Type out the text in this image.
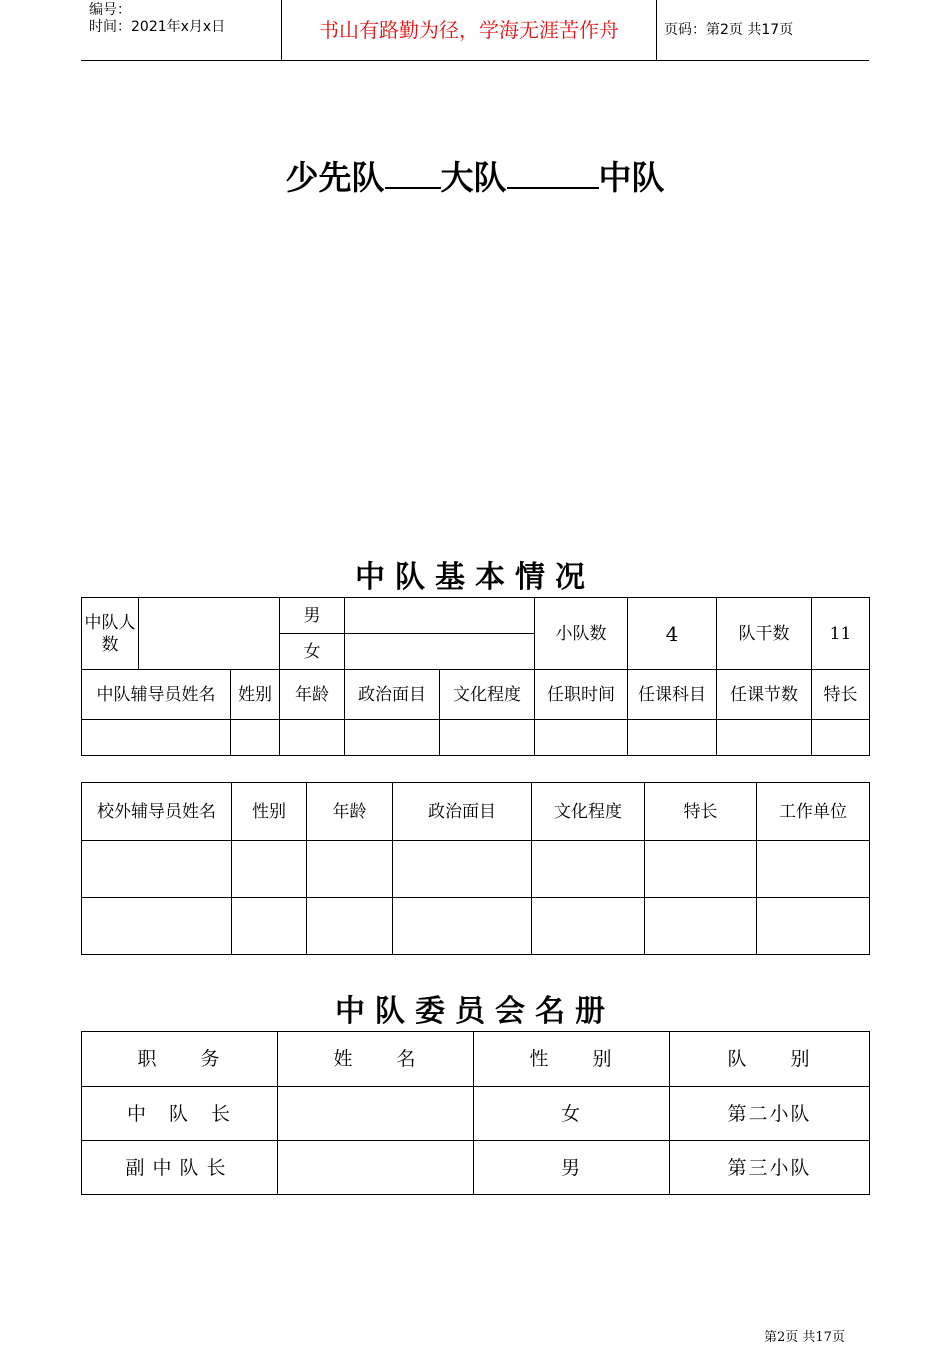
编号：
时间：2021年x月x日	书山有路勤为径，学海无涯苦作舟	页码：第2页 共17页
少先队 大队	中队
中队基本情况
中队人数			男			小队数	4	队干数	11
			女						
中队辅导员姓名		姓别	年龄	政治面目	文化程度	任职时间	任课科目	任课节数	特长

校外辅导员姓名	性别	年龄	政治面目	文化程度	特长	工作单位

中队委员会名册
职　　务	姓　　名	性　　别	队　　别
中　队　长		女	第二小队
副中队长		男	第三小队
第2页 共17页
